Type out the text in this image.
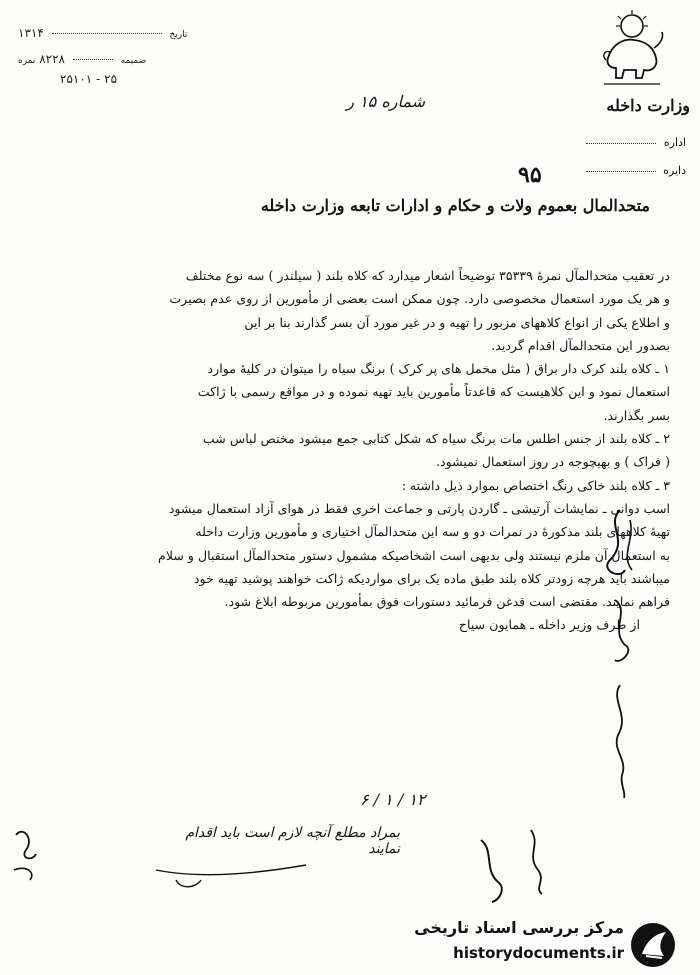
۱۳۱۴	تاریخ
ضمیمه  ۸۲۲۸ نمره
۲۵۱۰۱ - ۲۵
وزارت داخله
اداره
دایره
۹۵
شماره ۱۵ ر
متحدالمال بعموم ولات و حکام و ادارات تابعه وزارت داخله

در تعقیب متحدالمآل نمرهٔ ۳۵۳۳۹ توضیحاً اشعار میدارد که کلاه بلند ( سیلندر ) سه نوع مختلف

و هر یک مورد استعمال مخصوصی دارد. چون ممکن است بعضی از مأمورین از روی عدم بصیرت

و اطلاع یکی از انواع کلاههای مزبور را تهیه و در غیر مورد آن بسر گذارند بنا بر این

بصدور این متحدالمآل اقدام گردید.

۱ ـ کلاه بلند کرک دار براق ( مثل مخمل های پر کرک ) برنگ سیاه را میتوان در کلیهٔ موارد

استعمال نمود و این کلاهیست که قاعدتاً مأمورین باید تهیه نموده و در مواقع رسمی با ژاکت

بسر بگذارند.

۲ ـ کلاه بلند از جنس اطلس مات برنگ سیاه که شکل کتابی جمع میشود مختص لباس شب

( فراک ) و بهیچوجه در روز استعمال نمیشود.

۳ ـ کلاه بلند خاکی رنگ اختصاص بموارد ذیل داشته :

اسب دوانی ـ نمایشات آرتیشی ـ گاردن پارتی و جماعت اخری فقط در هوای آزاد استعمال میشود

تهیهٔ کلاههای بلند مذکورهٔ در نمرات دو و سه این متحدالمآل اختیاری و مأمورین وزارت داخله

به استعمال آن ملزم نیستند ولی بدیهی است اشخاصیکه مشمول دستور متحدالمآل استقبال و سلام

میباشند باید هرچه زودتر کلاه بلند طبق ماده یک برای مواردیکه ژاکت خواهند پوشید تهیه خود

فراهم نمایند. مقتضی است قدغن فرمائید دستورات فوق بمأمورین مربوطه ابلاغ شود.

از طرف وزیر داخله ـ همایون سیاح

۶ / ۱ / ۱۲
بمراد مطلع آنچه لازم است باید اقدام نمایند
مرکز بررسی اسناد تاریخی
historydocuments.ir
